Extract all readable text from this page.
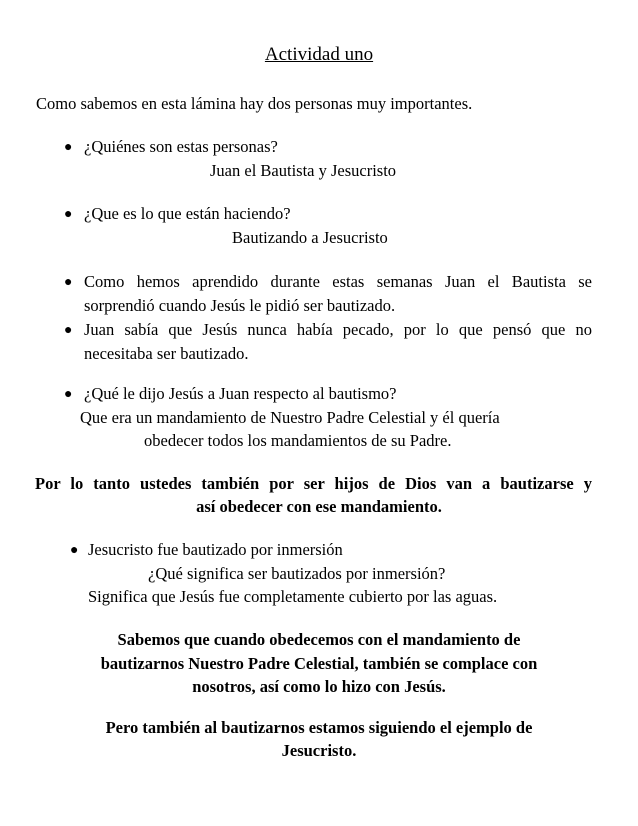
Actividad uno
Como sabemos en esta lámina hay dos personas muy importantes.
● ¿Quiénes son estas personas?
Juan el Bautista y Jesucristo
● ¿Que es lo que están haciendo?
Bautizando a Jesucristo
● Como hemos aprendido durante estas semanas Juan el Bautista se
sorprendió cuando Jesús le pidió ser bautizado.
● Juan sabía que Jesús nunca había pecado, por lo que pensó que no
necesitaba ser bautizado.
● ¿Qué le dijo Jesús a Juan respecto al bautismo?
Que era un mandamiento de Nuestro Padre Celestial y él quería
obedecer todos los mandamientos de su Padre.
Por lo tanto ustedes también por ser hijos de Dios van a bautizarse y
así obedecer con ese mandamiento.
● Jesucristo fue bautizado por inmersión
¿Qué significa ser bautizados por inmersión?
Significa que Jesús fue completamente cubierto por las aguas.
Sabemos que cuando obedecemos con el mandamiento de
bautizarnos Nuestro Padre Celestial, también se complace con
nosotros, así como lo hizo con Jesús.
Pero también al bautizarnos estamos siguiendo el ejemplo de
Jesucristo.
